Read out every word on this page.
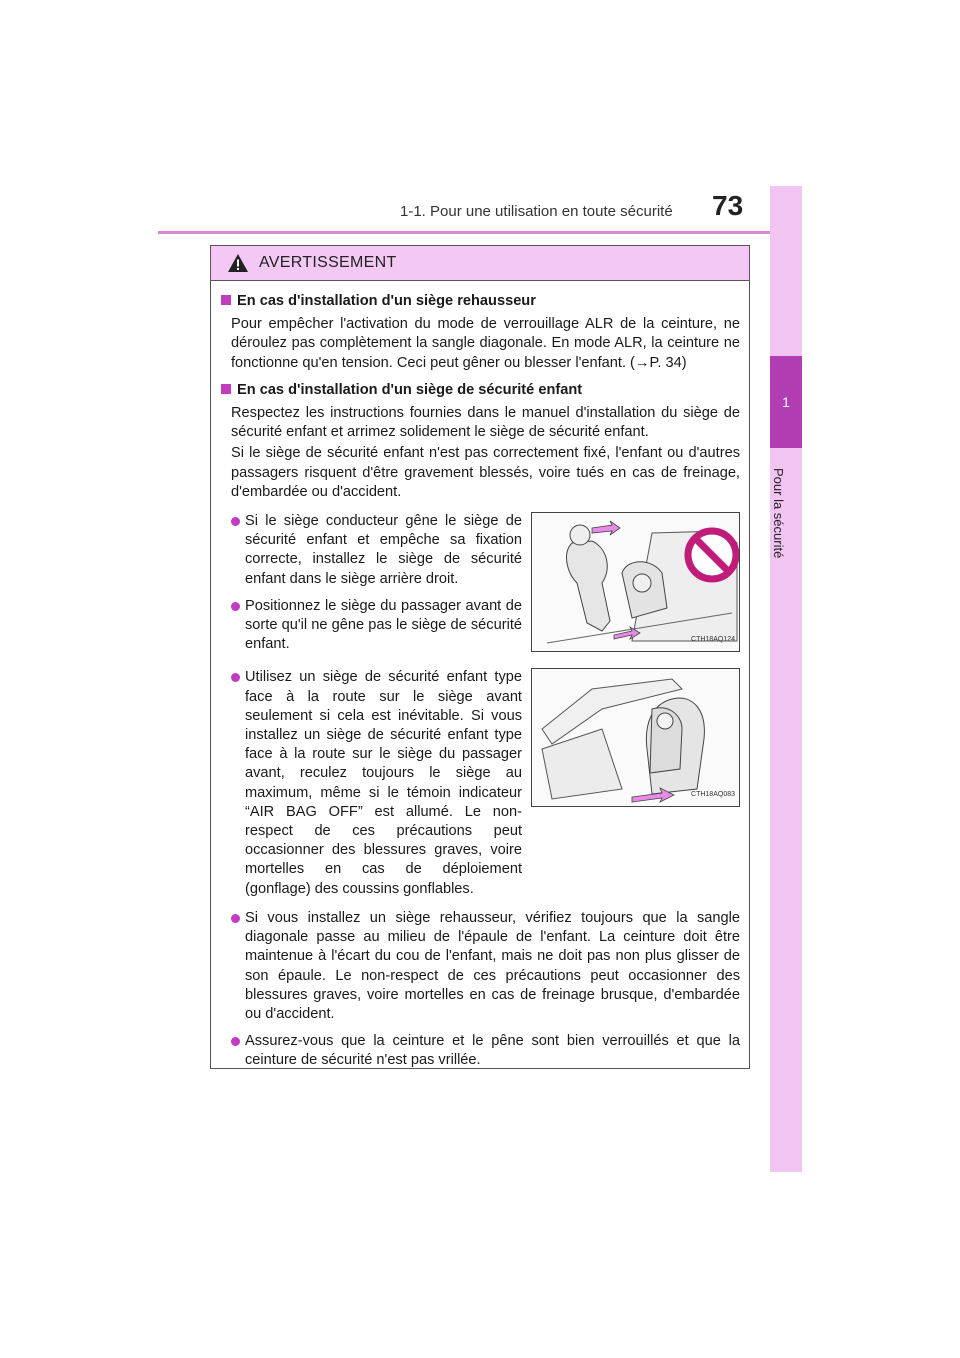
1-1. Pour une utilisation en toute sécurité	73
1
Pour la sécurité
AVERTISSEMENT
En cas d'installation d'un siège rehausseur
Pour empêcher l'activation du mode de verrouillage ALR de la ceinture, ne déroulez pas complètement la sangle diagonale. En mode ALR, la ceinture ne fonctionne qu'en tension. Ceci peut gêner ou blesser l'enfant. (→P. 34)
En cas d'installation d'un siège de sécurité enfant
Respectez les instructions fournies dans le manuel d'installation du siège de sécurité enfant et arrimez solidement le siège de sécurité enfant.
Si le siège de sécurité enfant n'est pas correctement fixé, l'enfant ou d'autres passagers risquent d'être gravement blessés, voire tués en cas de freinage, d'embardée ou d'accident.
Si le siège conducteur gêne le siège de sécurité enfant et empêche sa fixation correcte, installez le siège de sécurité enfant dans le siège arrière droit.
Positionnez le siège du passager avant de sorte qu'il ne gêne pas le siège de sécurité enfant.	CTH18AQ124
Utilisez un siège de sécurité enfant type face à la route sur le siège avant seulement si cela est inévitable. Si vous installez un siège de sécurité enfant type face à la route sur le siège du passager avant, reculez toujours le siège au maximum, même si le témoin indicateur “AIR BAG OFF” est allumé. Le non-respect de ces précautions peut occasionner des blessures graves, voire mortelles en cas de déploiement (gonflage) des coussins gonflables.
CTH18AQ083
Si vous installez un siège rehausseur, vérifiez toujours que la sangle diagonale passe au milieu de l'épaule de l'enfant. La ceinture doit être maintenue à l'écart du cou de l'enfant, mais ne doit pas non plus glisser de son épaule. Le non-respect de ces précautions peut occasionner des blessures graves, voire mortelles en cas de freinage brusque, d'embardée ou d'accident.
Assurez-vous que la ceinture et le pêne sont bien verrouillés et que la ceinture de sécurité n'est pas vrillée.
